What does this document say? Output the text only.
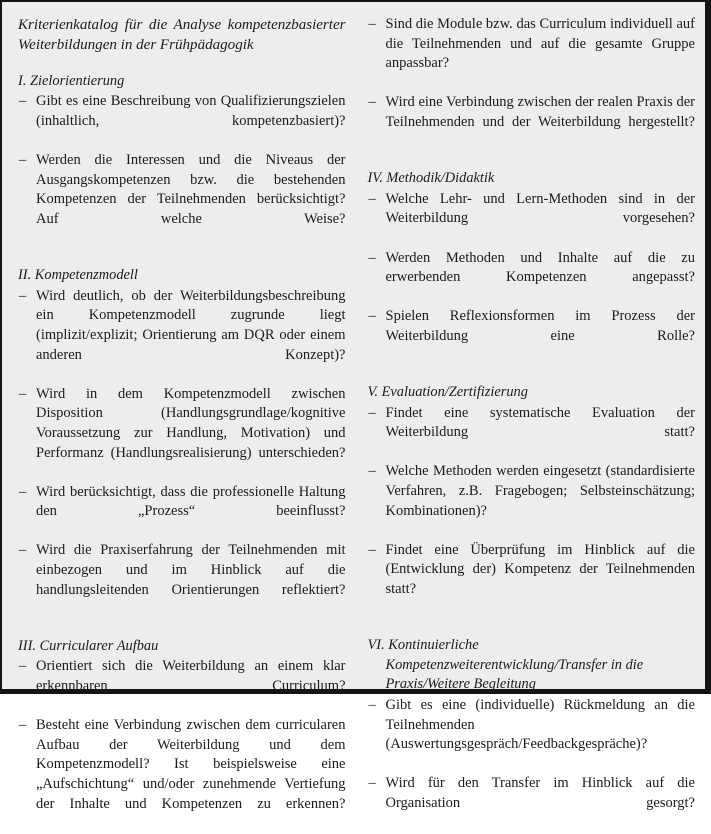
Kriterienkatalog für die Analyse kompetenzbasierter Weiterbildungen in der Frühpädagogik
I. Zielorientierung
– Gibt es eine Beschreibung von Qualifizierungszielen (inhaltlich, kompetenzbasiert)?
– Werden die Interessen und die Niveaus der Ausgangskompetenzen bzw. die bestehenden Kompetenzen der Teilnehmenden berücksichtigt? Auf welche Weise?
II. Kompetenzmodell
– Wird deutlich, ob der Weiterbildungsbeschreibung ein Kompetenzmodell zugrunde liegt (implizit/explizit; Orientierung am DQR oder einem anderen Konzept)?
– Wird in dem Kompetenzmodell zwischen Disposition (Handlungsgrundlage/kognitive Voraussetzung zur Handlung, Motivation) und Performanz (Handlungsrealisierung) unterschieden?
– Wird berücksichtigt, dass die professionelle Haltung den „Prozess“ beeinflusst?
– Wird die Praxiserfahrung der Teilnehmenden mit einbezogen und im Hinblick auf die handlungsleitenden Orientierungen reflektiert?
III. Curricularer Aufbau
– Orientiert sich die Weiterbildung an einem klar erkennbaren Curriculum?
– Besteht eine Verbindung zwischen dem curricularen Aufbau der Weiterbildung und dem Kompetenzmodell? Ist beispielsweise eine „Aufschichtung“ und/oder zunehmende Vertiefung der Inhalte und Kompetenzen zu erkennen?
– Sind die Module bzw. das Curriculum individuell auf die Teilnehmenden und auf die gesamte Gruppe anpassbar?
– Wird eine Verbindung zwischen der realen Praxis der Teilnehmenden und der Weiterbildung hergestellt?
IV. Methodik/Didaktik
– Welche Lehr- und Lern-Methoden sind in der Weiterbildung vorgesehen?
– Werden Methoden und Inhalte auf die zu erwerbenden Kompetenzen angepasst?
– Spielen Reflexionsformen im Prozess der Weiterbildung eine Rolle?
V. Evaluation/Zertifizierung
– Findet eine systematische Evaluation der Weiterbildung statt?
– Welche Methoden werden eingesetzt (standardisierte Verfahren, z.B. Fragebogen; Selbsteinschätzung; Kombinationen)?
– Findet eine Überprüfung im Hinblick auf die (Entwicklung der) Kompetenz der Teilnehmenden statt?
VI. Kontinuierliche Kompetenzweiterentwicklung/Transfer in die Praxis/Weitere Begleitung
– Gibt es eine (individuelle) Rückmeldung an die Teilnehmenden (Auswertungsgespräch/Feedbackgespräche)?
– Wird für den Transfer im Hinblick auf die Organisation gesorgt?
